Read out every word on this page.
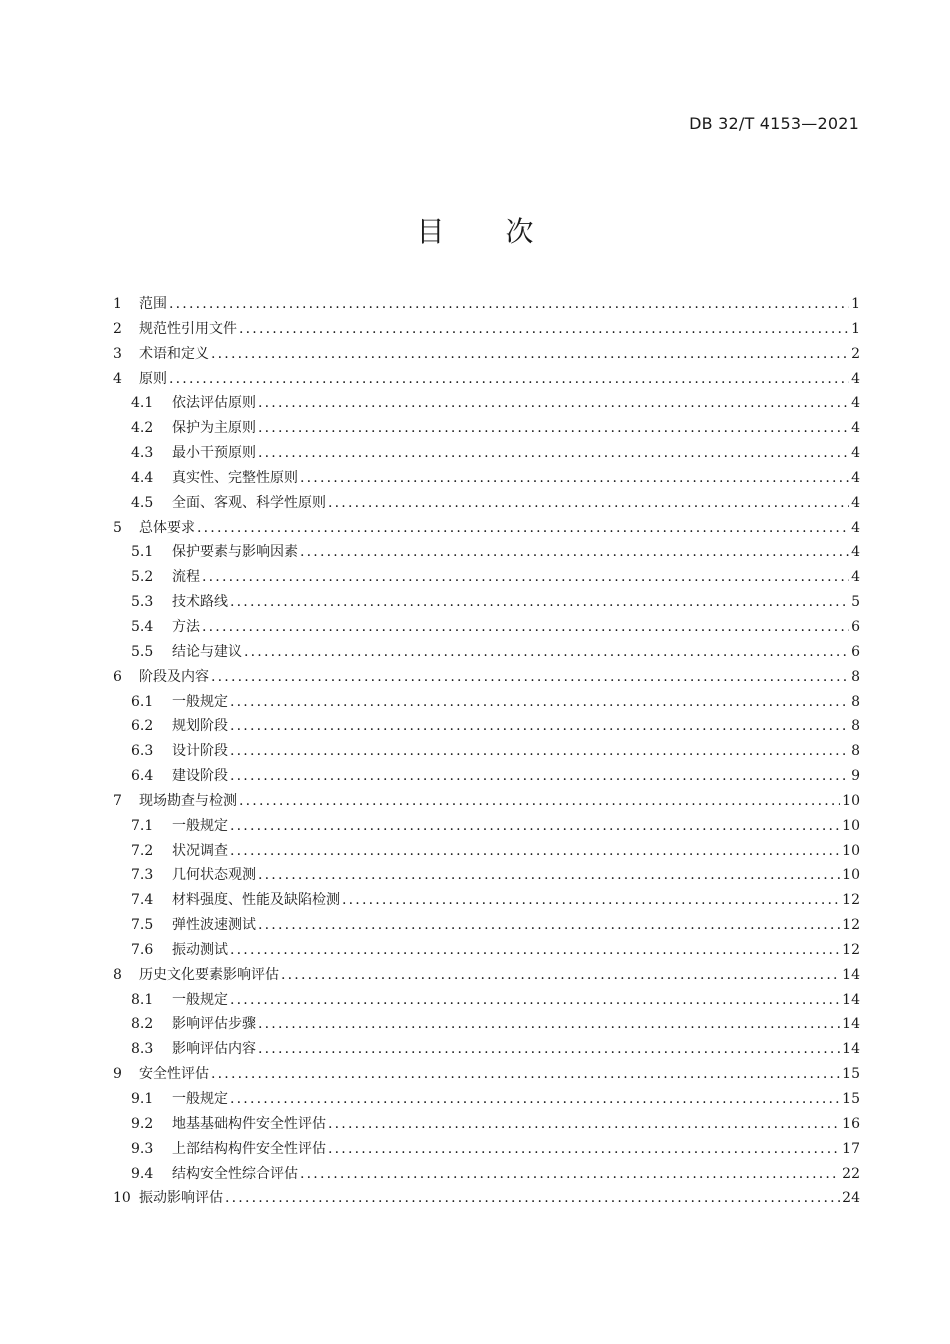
DB 32/T 4153—2021
目 次
1	范围 .....	1
2	规范性引用文件 .....	1
3	术语和定义 .....	2
4	原则 .....	4
4.1	依法评估原则 .....	4
4.2	保护为主原则 .....	4
4.3	最小干预原则 .....	4
4.4	真实性、完整性原则 .....	4
4.5	全面、客观、科学性原则 .....	4
5	总体要求 .....	4
5.1	保护要素与影响因素 .....	4
5.2	流程 .....	4
5.3	技术路线 .....	5
5.4	方法 .....	6
5.5	结论与建议 .....	6
6	阶段及内容 .....	8
6.1	一般规定 .....	8
6.2	规划阶段 .....	8
6.3	设计阶段 .....	8
6.4	建设阶段 .....	9
7	现场勘查与检测 .....	10
7.1	一般规定 .....	10
7.2	状况调查 .....	10
7.3	几何状态观测 .....	10
7.4	材料强度、性能及缺陷检测 .....	12
7.5	弹性波速测试 .....	12
7.6	振动测试 .....	12
8	历史文化要素影响评估 .....	14
8.1	一般规定 .....	14
8.2	影响评估步骤 .....	14
8.3	影响评估内容 .....	14
9	安全性评估 .....	15
9.1	一般规定 .....	15
9.2	地基基础构件安全性评估 .....	16
9.3	上部结构构件安全性评估 .....	17
9.4	结构安全性综合评估 .....	22
10 振动影响评估 .....	24
